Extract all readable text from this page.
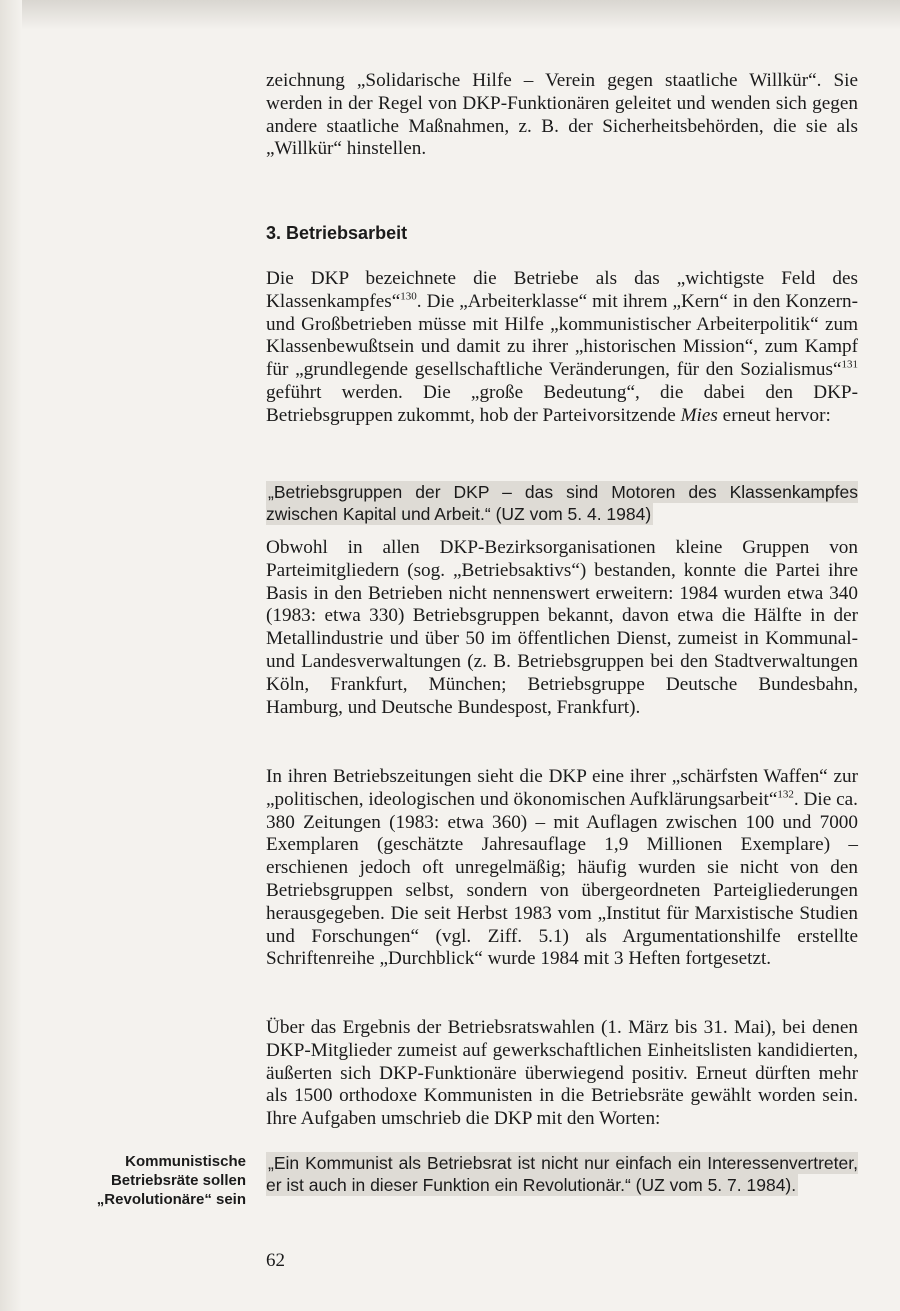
zeichnung „Solidarische Hilfe – Verein gegen staatliche Willkür“. Sie werden in der Regel von DKP-Funktionären geleitet und wenden sich gegen andere staatliche Maßnahmen, z. B. der Sicherheitsbehörden, die sie als „Willkür“ hinstellen.

3. Betriebsarbeit

Die DKP bezeichnete die Betriebe als das „wichtigste Feld des Klassenkampfes“$^{130}$. Die „Arbeiterklasse“ mit ihrem „Kern“ in den Konzern- und Großbetrieben müsse mit Hilfe „kommunistischer Arbeiterpolitik“ zum Klassenbewußtsein und damit zu ihrer „historischen Mission“, zum Kampf für „grundlegende gesellschaftliche Veränderungen, für den Sozialismus“$^{131}$ geführt werden. Die „große Bedeutung“, die dabei den DKP-Betriebsgruppen zukommt, hob der Parteivorsitzende Mies erneut hervor:

„Betriebsgruppen der DKP – das sind Motoren des Klassenkampfes zwischen Kapital und Arbeit.“ (UZ vom 5. 4. 1984)

Obwohl in allen DKP-Bezirksorganisationen kleine Gruppen von Parteimitgliedern (sog. „Betriebsaktivs“) bestanden, konnte die Partei ihre Basis in den Betrieben nicht nennenswert erweitern: 1984 wurden etwa 340 (1983: etwa 330) Betriebsgruppen bekannt, davon etwa die Hälfte in der Metallindustrie und über 50 im öffentlichen Dienst, zumeist in Kommunal- und Landesverwaltungen (z. B. Betriebsgruppen bei den Stadtverwaltungen Köln, Frankfurt, München; Betriebsgruppe Deutsche Bundesbahn, Hamburg, und Deutsche Bundespost, Frankfurt).

In ihren Betriebszeitungen sieht die DKP eine ihrer „schärfsten Waffen“ zur „politischen, ideologischen und ökonomischen Aufklärungsarbeit“$^{132}$. Die ca. 380 Zeitungen (1983: etwa 360) – mit Auflagen zwischen 100 und 7000 Exemplaren (geschätzte Jahresauflage 1,9 Millionen Exemplare) – erschienen jedoch oft unregelmäßig; häufig wurden sie nicht von den Betriebsgruppen selbst, sondern von übergeordneten Parteigliederungen herausgegeben. Die seit Herbst 1983 vom „Institut für Marxistische Studien und Forschungen“ (vgl. Ziff. 5.1) als Argumentationshilfe erstellte Schriftenreihe „Durchblick“ wurde 1984 mit 3 Heften fortgesetzt.

Über das Ergebnis der Betriebsratswahlen (1. März bis 31. Mai), bei denen DKP-Mitglieder zumeist auf gewerkschaftlichen Einheitslisten kandidierten, äußerten sich DKP-Funktionäre überwiegend positiv. Erneut dürften mehr als 1500 orthodoxe Kommunisten in die Betriebsräte gewählt worden sein. Ihre Aufgaben umschrieb die DKP mit den Worten:

„Ein Kommunist als Betriebsrat ist nicht nur einfach ein Interessenvertreter, er ist auch in dieser Funktion ein Revolutionär.“ (UZ vom 5. 7. 1984).

Kommunistische Betriebsräte sollen „Revolutionäre“ sein
62
